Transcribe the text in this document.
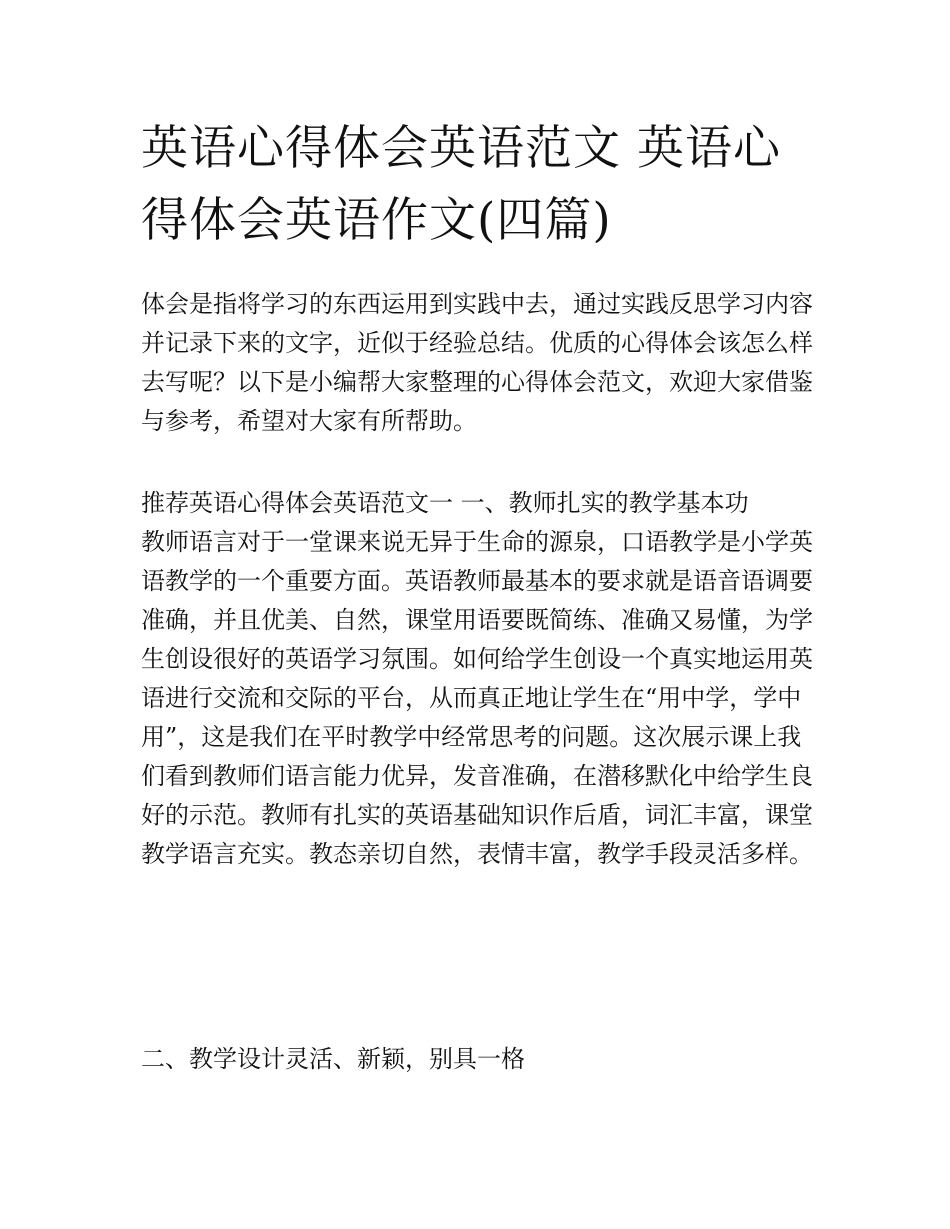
英语心得体会英语范文 英语心得体会英语作文(四篇)

体会是指将学习的东西运用到实践中去，通过实践反思学习内容并记录下来的文字，近似于经验总结。优质的心得体会该怎么样去写呢？以下是小编帮大家整理的心得体会范文，欢迎大家借鉴与参考，希望对大家有所帮助。

推荐英语心得体会英语范文一 一、教师扎实的教学基本功

教师语言对于一堂课来说无异于生命的源泉，口语教学是小学英语教学的一个重要方面。英语教师最基本的要求就是语音语调要准确，并且优美、自然，课堂用语要既简练、准确又易懂，为学生创设很好的英语学习氛围。如何给学生创设一个真实地运用英语进行交流和交际的平台，从而真正地让学生在“用中学，学中用”，这是我们在平时教学中经常思考的问题。这次展示课上我们看到教师们语言能力优异，发音准确，在潜移默化中给学生良好的示范。教师有扎实的英语基础知识作后盾，词汇丰富，课堂教学语言充实。教态亲切自然，表情丰富，教学手段灵活多样。

二、教学设计灵活、新颖，别具一格
